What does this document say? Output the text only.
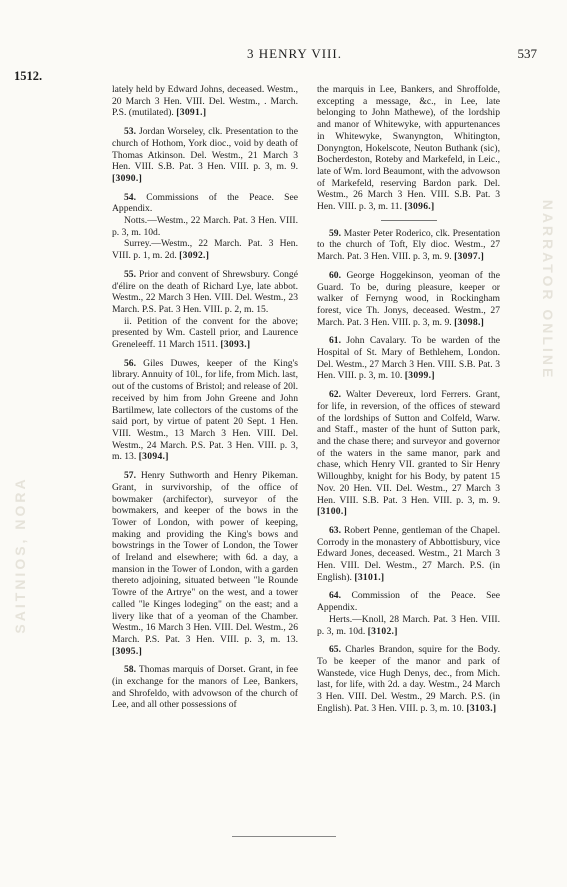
3 HENRY VIII.	537
1512.
SAITNIOS, NORA
NARRATOR ONLINE

lately held by Edward Johns, deceased. Westm., 20 March 3 Hen. VIII. Del. Westm., . March. P.S. (mutilated). [3091.]

53. Jordan Worseley, clk. Presentation to the church of Hothom, York dioc., void by death of Thomas Atkinson. Del. Westm., 21 March 3 Hen. VIII. S.B. Pat. 3 Hen. VIII. p. 3, m. 9. [3090.]

54. Commissions of the Peace. See Appendix.

Notts.—Westm., 22 March. Pat. 3 Hen. VIII. p. 3, m. 10d.

Surrey.—Westm., 22 March. Pat. 3 Hen. VIII. p. 1, m. 2d. [3092.]

55. Prior and convent of Shrewsbury. Congé d'élire on the death of Richard Lye, late abbot. Westm., 22 March 3 Hen. VIII. Del. Westm., 23 March. P.S. Pat. 3 Hen. VIII. p. 2, m. 15.

ii. Petition of the convent for the above; presented by Wm. Castell prior, and Laurence Greneleeff. 11 March 1511. [3093.]

56. Giles Duwes, keeper of the King's library. Annuity of 10l., for life, from Mich. last, out of the customs of Bristol; and release of 20l. received by him from John Greene and John Bartilmew, late collectors of the customs of the said port, by virtue of patent 20 Sept. 1 Hen. VIII. Westm., 13 March 3 Hen. VIII. Del. Westm., 24 March. P.S. Pat. 3 Hen. VIII. p. 3, m. 13. [3094.]

57. Henry Suthworth and Henry Pikeman. Grant, in survivorship, of the office of bowmaker (archifector), surveyor of the bowmakers, and keeper of the bows in the Tower of London, with power of keeping, making and providing the King's bows and bowstrings in the Tower of London, the Tower of Ireland and elsewhere; with 6d. a day, a mansion in the Tower of London, with a garden thereto adjoining, situated between "le Rounde Towre of the Artrye" on the west, and a tower called "le Kinges lodeging" on the east; and a livery like that of a yeoman of the Chamber. Westm., 16 March 3 Hen. VIII. Del. Westm., 26 March. P.S. Pat. 3 Hen. VIII. p. 3, m. 13. [3095.]

58. Thomas marquis of Dorset. Grant, in fee (in exchange for the manors of Lee, Bankers, and Shrofeldo, with advowson of the church of Lee, and all other possessions of

the marquis in Lee, Bankers, and Shroffolde, excepting a message, &c., in Lee, late belonging to John Mathewe), of the lordship and manor of Whitewyke, with appurtenances in Whitewyke, Swanyngton, Whitington, Donyngton, Hokelscote, Neuton Buthank (sic), Bocherdeston, Roteby and Markefeld, in Leic., late of Wm. lord Beaumont, with the advowson of Markefeld, reserving Bardon park. Del. Westm., 26 March 3 Hen. VIII. S.B. Pat. 3 Hen. VIII. p. 3, m. 11. [3096.]

59. Master Peter Roderico, clk. Presentation to the church of Toft, Ely dioc. Westm., 27 March. Pat. 3 Hen. VIII. p. 3, m. 9. [3097.]

60. George Hoggekinson, yeoman of the Guard. To be, during pleasure, keeper or walker of Fernyng wood, in Rockingham forest, vice Th. Jonys, deceased. Westm., 27 March. Pat. 3 Hen. VIII. p. 3, m. 9. [3098.]

61. John Cavalary. To be warden of the Hospital of St. Mary of Bethlehem, London. Del. Westm., 27 March 3 Hen. VIII. S.B. Pat. 3 Hen. VIII. p. 3, m. 10. [3099.]

62. Walter Devereux, lord Ferrers. Grant, for life, in reversion, of the offices of steward of the lordships of Sutton and Colfeld, Warw. and Staff., master of the hunt of Sutton park, and the chase there; and surveyor and governor of the waters in the same manor, park and chase, which Henry VII. granted to Sir Henry Willoughby, knight for his Body, by patent 15 Nov. 20 Hen. VII. Del. Westm., 27 March 3 Hen. VIII. S.B. Pat. 3 Hen. VIII. p. 3, m. 9. [3100.]

63. Robert Penne, gentleman of the Chapel. Corrody in the monastery of Abbottisbury, vice Edward Jones, deceased. Westm., 21 March 3 Hen. VIII. Del. Westm., 27 March. P.S. (in English). [3101.]

64. Commission of the Peace. See Appendix.

Herts.—Knoll, 28 March. Pat. 3 Hen. VIII. p. 3, m. 10d. [3102.]

65. Charles Brandon, squire for the Body. To be keeper of the manor and park of Wanstede, vice Hugh Denys, dec., from Mich. last, for life, with 2d. a day. Westm., 24 March 3 Hen. VIII. Del. Westm., 29 March. P.S. (in English). Pat. 3 Hen. VIII. p. 3, m. 10. [3103.]
